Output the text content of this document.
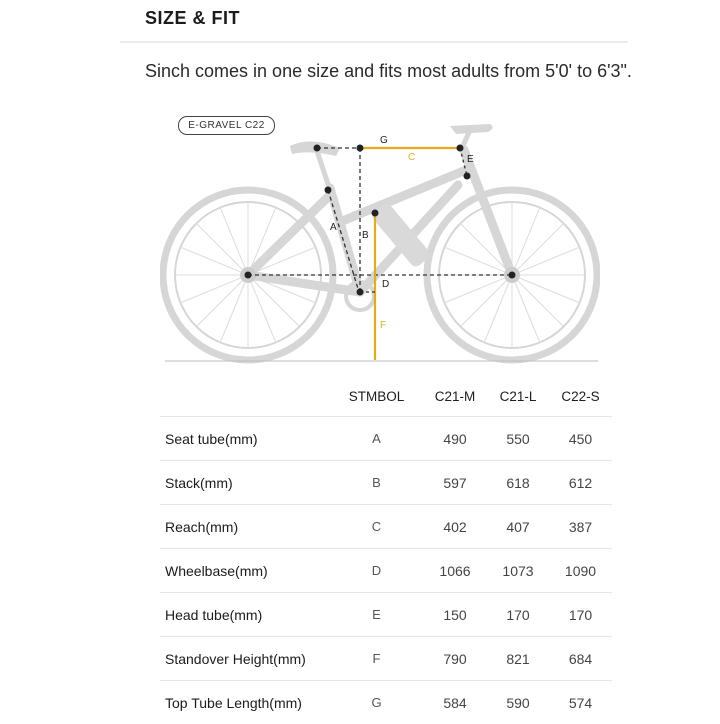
SIZE & FIT
Sinch comes in one size and fits most adults from 5'0' to 6'3".
G
C	E
A
B
D
F
E-GRAVEL C22
	STMBOL	C21-M	C21-L	C22-S
Seat tube(mm)	A	490	550	450
Stack(mm)	B	597	618	612
Reach(mm)	C	402	407	387
Wheelbase(mm)	D	1066	1073	1090
Head tube(mm)	E	150	170	170
Standover Height(mm)	F	790	821	684
Top Tube Length(mm)	G	584	590	574
